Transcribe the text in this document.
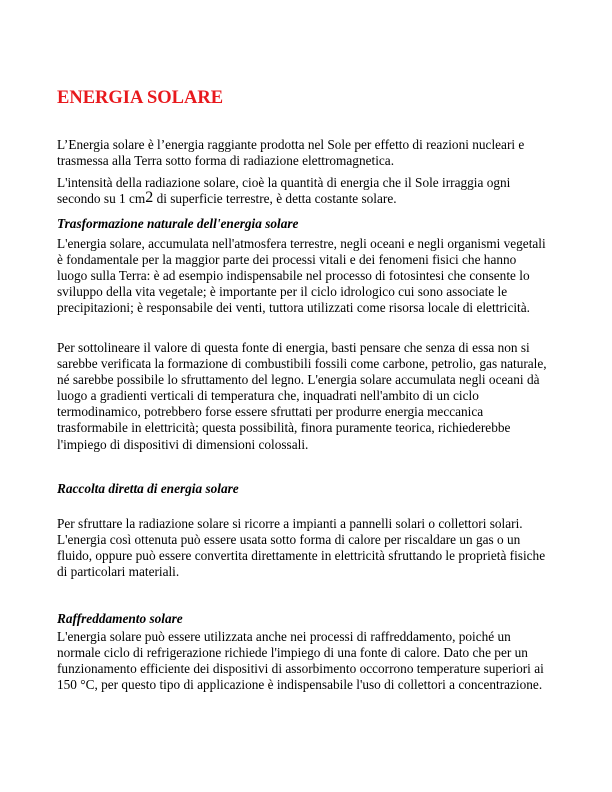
ENERGIA SOLARE

L’Energia solare è l’energia raggiante prodotta nel Sole per effetto di reazioni nucleari e trasmessa alla Terra sotto forma di radiazione elettromagnetica.

L'intensità della radiazione solare, cioè la quantità di energia che il Sole irraggia ogni secondo su 1 cm2 di superficie terrestre, è detta costante solare.

Trasformazione naturale dell'energia solare

L'energia solare, accumulata nell'atmosfera terrestre, negli oceani e negli organismi vegetali è fondamentale per la maggior parte dei processi vitali e dei fenomeni fisici che hanno luogo sulla Terra: è ad esempio indispensabile nel processo di fotosintesi che consente lo sviluppo della vita vegetale; è importante per il ciclo idrologico cui sono associate le precipitazioni; è responsabile dei venti, tuttora utilizzati come risorsa locale di elettricità.

Per sottolineare il valore di questa fonte di energia, basti pensare che senza di essa non si sarebbe verificata la formazione di combustibili fossili come carbone, petrolio, gas naturale, né sarebbe possibile lo sfruttamento del legno. L'energia solare accumulata negli oceani dà luogo a gradienti verticali di temperatura che, inquadrati nell'ambito di un ciclo termodinamico, potrebbero forse essere sfruttati per produrre energia meccanica trasformabile in elettricità; questa possibilità, finora puramente teorica, richiederebbe l'impiego di dispositivi di dimensioni colossali.

Raccolta diretta di energia solare

Per sfruttare la radiazione solare si ricorre a impianti a pannelli solari o collettori solari. L'energia così ottenuta può essere usata sotto forma di calore per riscaldare un gas o un fluido, oppure può essere convertita direttamente in elettricità sfruttando le proprietà fisiche di particolari materiali.

Raffreddamento solare

L'energia solare può essere utilizzata anche nei processi di raffreddamento, poiché un normale ciclo di refrigerazione richiede l'impiego di una fonte di calore. Dato che per un funzionamento efficiente dei dispositivi di assorbimento occorrono temperature superiori ai 150 °C, per questo tipo di applicazione è indispensabile l'uso di collettori a concentrazione.
